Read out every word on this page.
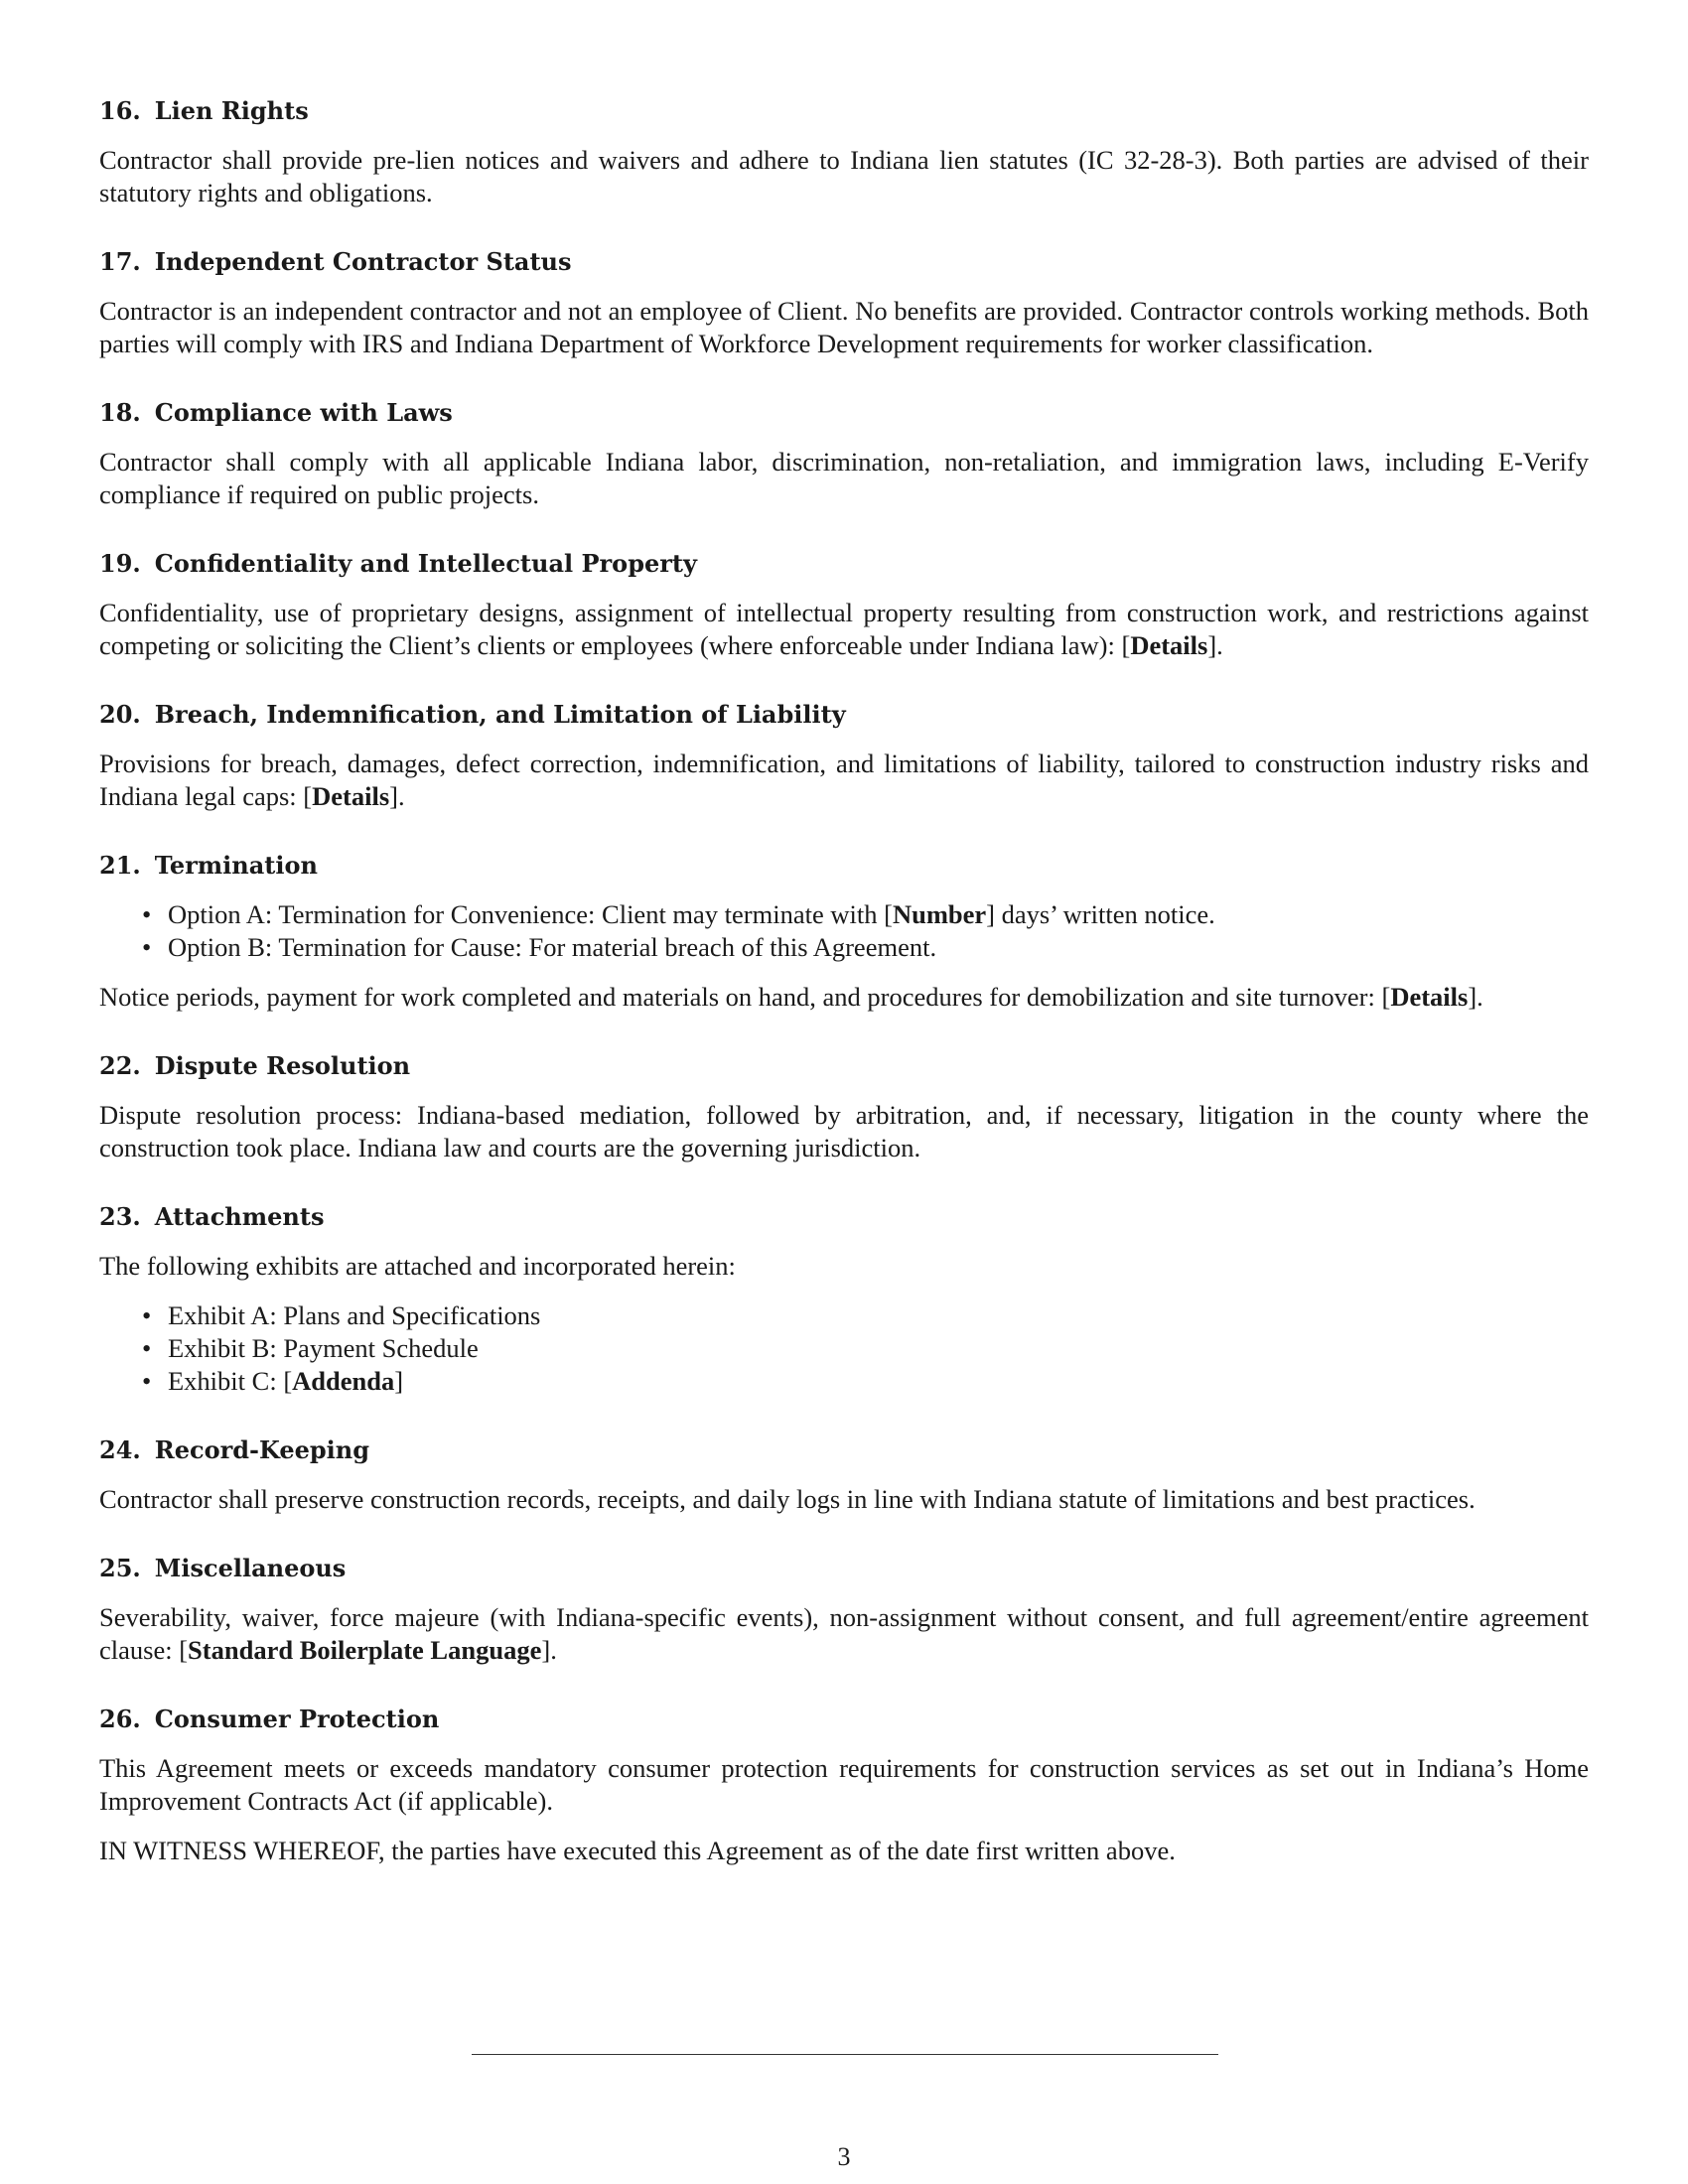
16. Lien Rights

Contractor shall provide pre-lien notices and waivers and adhere to Indiana lien statutes (IC 32-28-3). Both parties are advised of their statutory rights and obligations.

17. Independent Contractor Status

Contractor is an independent contractor and not an employee of Client. No benefits are provided. Contractor controls working methods. Both parties will comply with IRS and Indiana Department of Workforce Development requirements for worker classification.

18. Compliance with Laws

Contractor shall comply with all applicable Indiana labor, discrimination, non-retaliation, and immigration laws, including E-Verify compliance if required on public projects.

19. Confidentiality and Intellectual Property

Confidentiality, use of proprietary designs, assignment of intellectual property resulting from construction work, and restrictions against competing or soliciting the Client’s clients or employees (where enforceable under Indiana law): [Details].

20. Breach, Indemnification, and Limitation of Liability

Provisions for breach, damages, defect correction, indemnification, and limitations of liability, tailored to construction industry risks and Indiana legal caps: [Details].

21. Termination
• Option A: Termination for Convenience: Client may terminate with [Number] days’ written notice.
• Option B: Termination for Cause: For material breach of this Agreement.

Notice periods, payment for work completed and materials on hand, and procedures for demobilization and site turnover: [Details].

22. Dispute Resolution

Dispute resolution process: Indiana-based mediation, followed by arbitration, and, if necessary, litigation in the county where the construction took place. Indiana law and courts are the governing jurisdiction.

23. Attachments

The following exhibits are attached and incorporated herein:

• Exhibit A: Plans and Specifications
• Exhibit B: Payment Schedule
• Exhibit C: [Addenda]
24. Record-Keeping

Contractor shall preserve construction records, receipts, and daily logs in line with Indiana statute of limitations and best practices.

25. Miscellaneous

Severability, waiver, force majeure (with Indiana-specific events), non-assignment without consent, and full agreement/entire agreement clause: [Standard Boilerplate Language].

26. Consumer Protection

This Agreement meets or exceeds mandatory consumer protection requirements for construction services as set out in Indiana’s Home Improvement Contracts Act (if applicable).

IN WITNESS WHEREOF, the parties have executed this Agreement as of the date first written above.

3
